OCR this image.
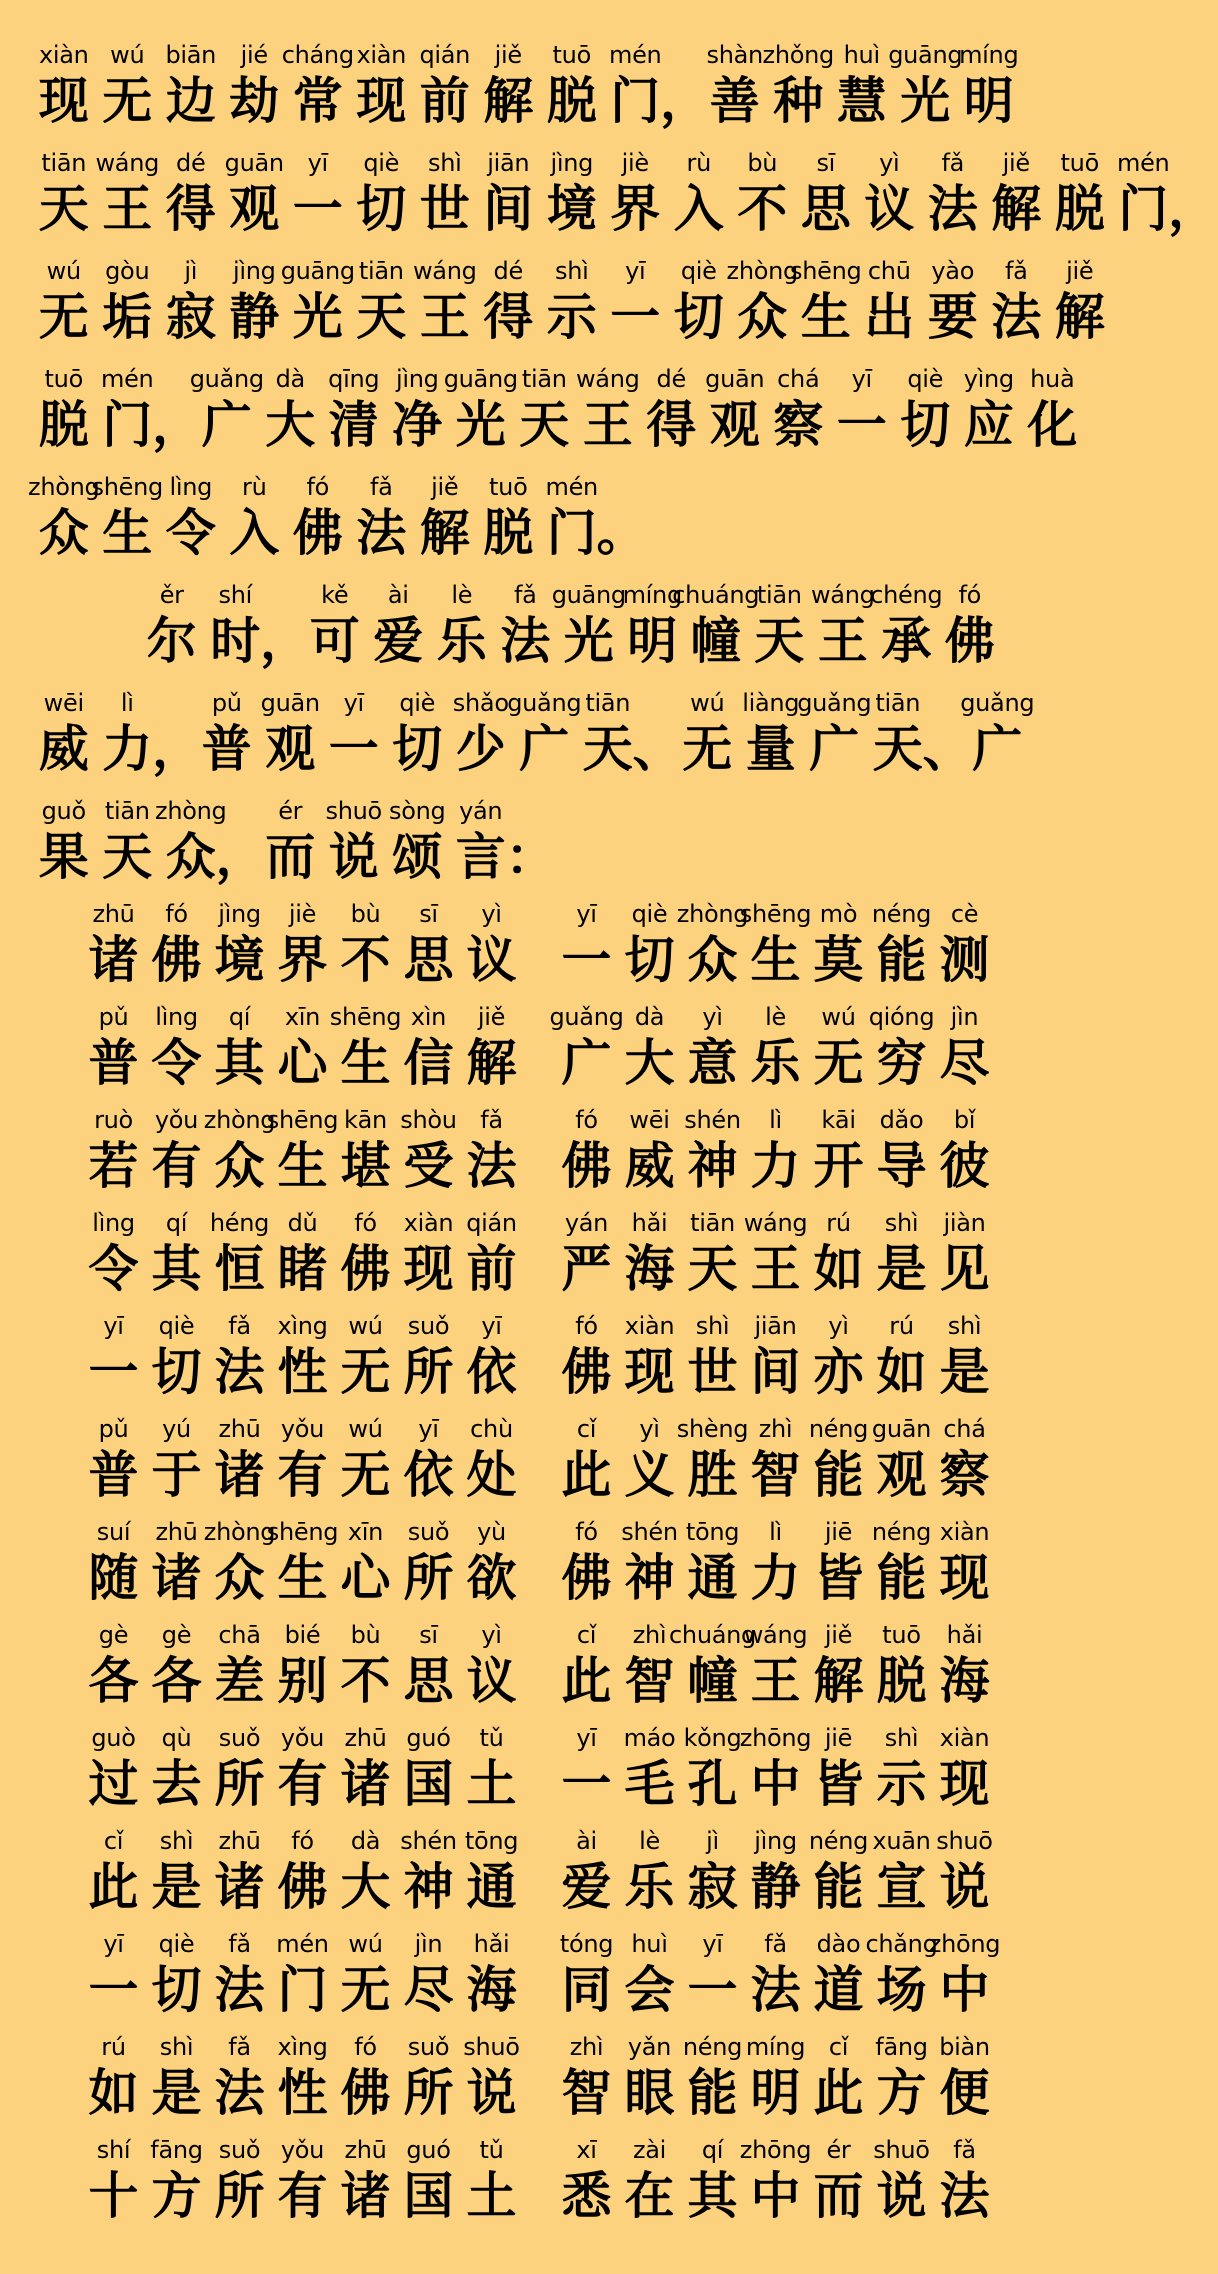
xiàn
现
wú
无
biān
边
jié
劫
cháng
常
xiàn
现
qián
前
jiě
解
tuō
脱
mén
门 ，
shàn
善
zhǒng
种
huì
慧
guāng
光
míng
明
tiān
天
wáng
王
dé
得
guān
观
yī
一
qiè
切
shì
世
jiān
间
jìng
境
jiè
界
rù
入
bù
不
sī
思
yì
议
fǎ
法
jiě
解
tuō
脱
mén
门 ，
wú
无
gòu
垢
jì
寂
jìng
静
guāng
光
tiān
天
wáng
王
dé
得
shì
示
yī
一
qiè
切
zhòng
众
shēng
生
chū
出
yào
要
fǎ
法
jiě
解
tuō
脱
mén
门 ，
guǎng
广
dà
大
qīng
清
jìng
净
guāng
光
tiān
天
wáng
王
dé
得
guān
观
chá
察
yī
一
qiè
切
yìng
应
huà
化
zhòng
众
shēng
生
lìng
令
rù
入
fó
佛
fǎ
法
jiě
解
tuō
脱
mén
门 。
ěr
尔
shí
时 ，
kě
可
ài
爱
lè
乐
fǎ
法
guāng
光
míng
明
chuáng
幢
tiān
天
wáng
王
chéng
承
fó
佛
wēi
威
lì
力 ，
pǔ
普
guān
观
yī
一
qiè
切
shǎo
少
guǎng
广
tiān
天 、
wú
无
liàng
量
guǎng
广
tiān
天 、
guǎng
广
guǒ
果
tiān
天
zhòng
众 ，
ér
而
shuō
说
sòng
颂
yán
言 ：
zhū
诸
fó
佛
jìng
境
jiè
界
bù
不
sī
思
yì
议
yī
一
qiè
切
zhòng
众
shēng
生
mò
莫
néng
能
cè
测
pǔ
普
lìng
令
qí
其
xīn
心
shēng
生
xìn
信
jiě
解
guǎng
广
dà
大
yì
意
lè
乐
wú
无
qióng
穷
jìn
尽
ruò
若
yǒu
有
zhòng
众
shēng
生
kān
堪
shòu
受
fǎ
法
fó
佛
wēi
威
shén
神
lì
力
kāi
开
dǎo
导
bǐ
彼
lìng
令
qí
其
héng
恒
dǔ
睹
fó
佛
xiàn
现
qián
前
yán
严
hǎi
海
tiān
天
wáng
王
rú
如
shì
是
jiàn
见
yī
一
qiè
切
fǎ
法
xìng
性
wú
无
suǒ
所
yī
依
fó
佛
xiàn
现
shì
世
jiān
间
yì
亦
rú
如
shì
是
pǔ
普
yú
于
zhū
诸
yǒu
有
wú
无
yī
依
chù
处
cǐ
此
yì
义
shèng
胜
zhì
智
néng
能
guān
观
chá
察
suí
随
zhū
诸
zhòng
众
shēng
生
xīn
心
suǒ
所
yù
欲
fó
佛
shén
神
tōng
通
lì
力
jiē
皆
néng
能
xiàn
现
gè
各
gè
各
chā
差
bié
别
bù
不
sī
思
yì
议
cǐ
此
zhì
智
chuáng
幢
wáng
王
jiě
解
tuō
脱
hǎi
海
guò
过
qù
去
suǒ
所
yǒu
有
zhū
诸
guó
国
tǔ
土
yī
一
máo
毛
kǒng
孔
zhōng
中
jiē
皆
shì
示
xiàn
现
cǐ
此
shì
是
zhū
诸
fó
佛
dà
大
shén
神
tōng
通
ài
爱
lè
乐
jì
寂
jìng
静
néng
能
xuān
宣
shuō
说
yī
一
qiè
切
fǎ
法
mén
门
wú
无
jìn
尽
hǎi
海
tóng
同
huì
会
yī
一
fǎ
法
dào
道
chǎng
场
zhōng
中
rú
如
shì
是
fǎ
法
xìng
性
fó
佛
suǒ
所
shuō
说
zhì
智
yǎn
眼
néng
能
míng
明
cǐ
此
fāng
方
biàn
便
shí
十
fāng
方
suǒ
所
yǒu
有
zhū
诸
guó
国
tǔ
土
xī
悉
zài
在
qí
其
zhōng
中
ér
而
shuō
说
fǎ
法
